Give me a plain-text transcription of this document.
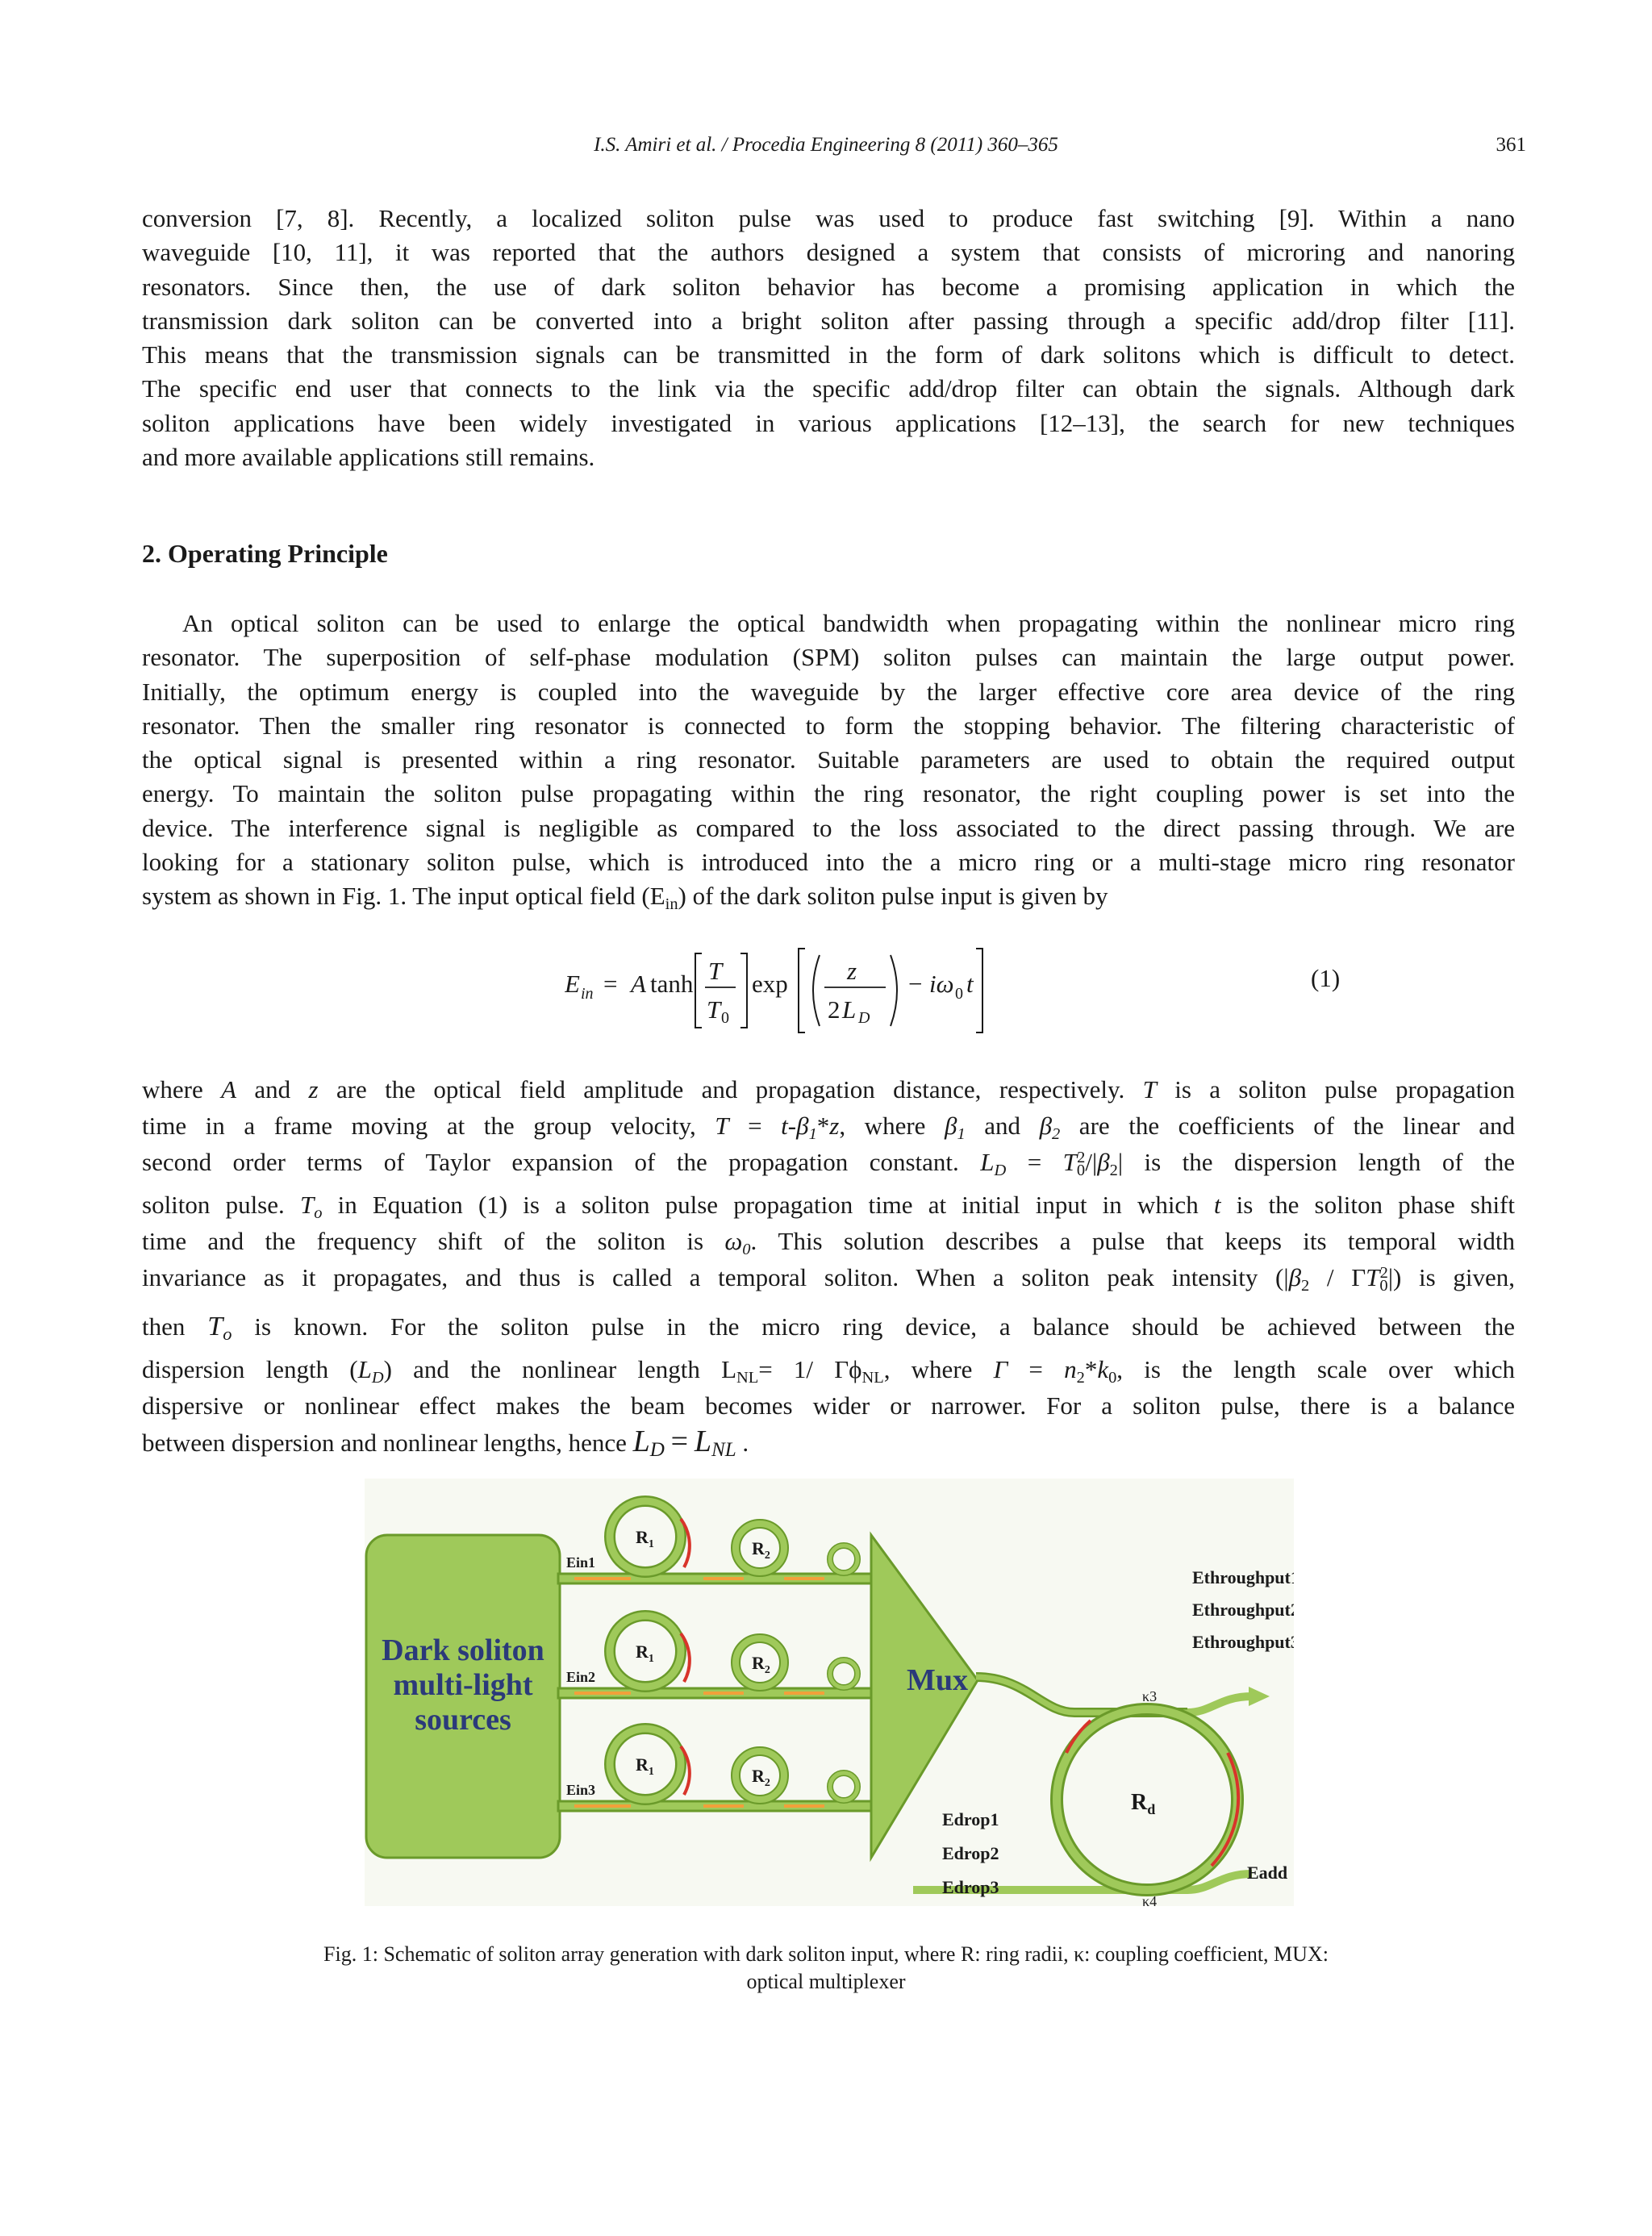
I.S. Amiri et al. / Procedia Engineering 8 (2011) 360–365	361
conversion [7, 8]. Recently, a localized soliton pulse was used to produce fast switching [9]. Within a nano
waveguide [10, 11], it was reported that the authors designed a system that consists of microring and nanoring
resonators. Since then, the use of dark soliton behavior has become a promising application in which the
transmission dark soliton can be converted into a bright soliton after passing through a specific add/drop filter [11].
This means that the transmission signals can be transmitted in the form of dark solitons which is difficult to detect.
The specific end user that connects to the link via the specific add/drop filter can obtain the signals. Although dark
soliton applications have been widely investigated in various applications [12–13], the search for new techniques
and more available applications still remains.
2. Operating Principle
An optical soliton can be used to enlarge the optical bandwidth when propagating within the nonlinear micro ring
resonator. The superposition of self-phase modulation (SPM) soliton pulses can maintain the large output power.
Initially, the optimum energy is coupled into the waveguide by the larger effective core area device of the ring
resonator. Then the smaller ring resonator is connected to form the stopping behavior. The filtering characteristic of
the optical signal is presented within a ring resonator. Suitable parameters are used to obtain the required output
energy. To maintain the soliton pulse propagating within the ring resonator, the right coupling power is set into the
device. The interference signal is negligible as compared to the loss associated to the direct passing through. We are
looking for a stationary soliton pulse, which is introduced into the a micro ring or a multi-stage micro ring resonator
system as shown in Fig. 1. The input optical field $(E_{in})$ of the dark soliton pulse input is given by
E in = A tanh T
T 0
exp z
2 L D
− iω 0 t	(1)
where A and z are the optical field amplitude and propagation distance, respectively. T is a soliton pulse propagation
time in a frame moving at the group velocity, $T = t-\beta_1*z$, where $\beta_1$ and $\beta_2$ are the coefficients of the linear and
second order terms of Taylor expansion of the propagation constant. $L_D = T_0^2/|\beta_2|$ is the dispersion length of the
soliton pulse. $T_o$ in Equation (1) is a soliton pulse propagation time at initial input in which t is the soliton phase shift
time and the frequency shift of the soliton is $\omega_0$. This solution describes a pulse that keeps its temporal width
invariance as it propagates, and thus is called a temporal soliton. When a soliton peak intensity $(|\beta_2 / \Gamma T_0^2|)$ is given,
then $T_o$ is known. For the soliton pulse in the micro ring device, a balance should be achieved between the
dispersion length $(L_D)$ and the nonlinear length $L_{NL}= 1/$ $\Gamma\phi_{NL}$, where $\Gamma = n_2*k_0$, is the length scale over which
dispersive or nonlinear effect makes the beam becomes wider or narrower. For a soliton pulse, there is a balance
between dispersion and nonlinear lengths, hence $L_D = L_{NL}$ .
Dark soliton
multi-light
sources
Mux
$R_d$
$R_1$	$R_2$
$R_1$	$R_2$
$R_1$	$R_2$
Ein1
Ein2
Ein3
Ethroughput1
Ethroughput2
Ethroughput3
Edrop1
Edrop2
Edrop3
Eadd
κ3
κ4
Fig. 1: Schematic of soliton array generation with dark soliton input, where R: ring radii, κ: coupling coefficient, MUX:
optical multiplexer
